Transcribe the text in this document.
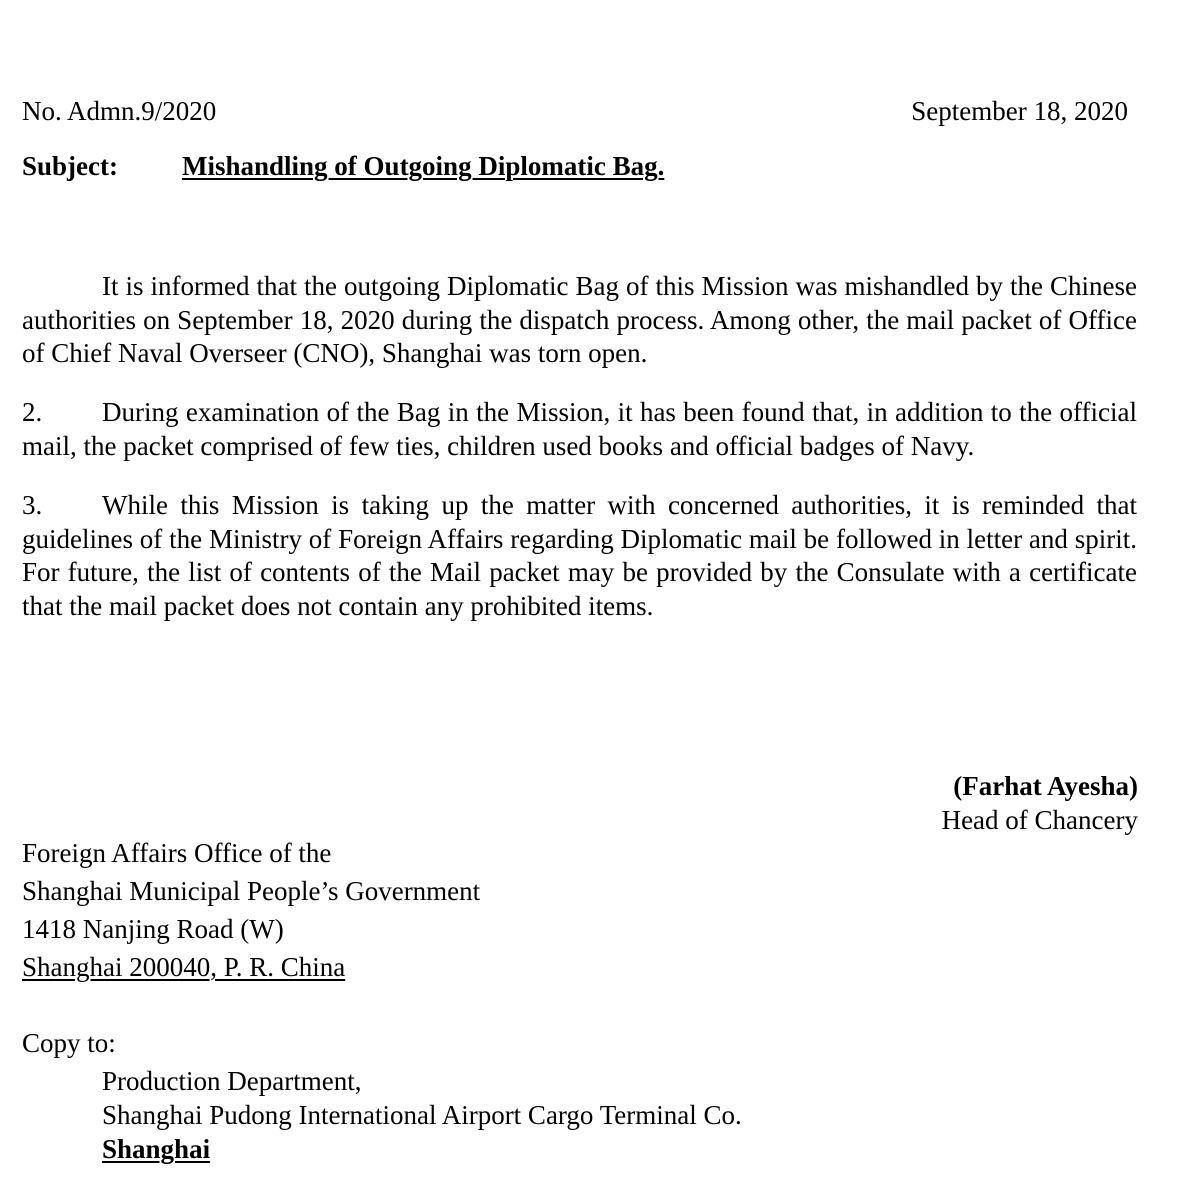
No. Admn.9/2020	September 18, 2020
Subject: Mishandling of Outgoing Diplomatic Bag.
It is informed that the outgoing Diplomatic Bag of this Mission was mishandled by the Chinese authorities on September 18, 2020 during the dispatch process. Among other, the mail packet of Office of Chief Naval Overseer (CNO), Shanghai was torn open.
2. During examination of the Bag in the Mission, it has been found that, in addition to the official mail, the packet comprised of few ties, children used books and official badges of Navy.
3. While this Mission is taking up the matter with concerned authorities, it is reminded that guidelines of the Ministry of Foreign Affairs regarding Diplomatic mail be followed in letter and spirit. For future, the list of contents of the Mail packet may be provided by the Consulate with a certificate that the mail packet does not contain any prohibited items.
(Farhat Ayesha)
Head of Chancery
Foreign Affairs Office of the
Shanghai Municipal People’s Government
1418 Nanjing Road (W)
Shanghai 200040, P. R. China
Copy to:
Production Department,
Shanghai Pudong International Airport Cargo Terminal Co.
Shanghai
